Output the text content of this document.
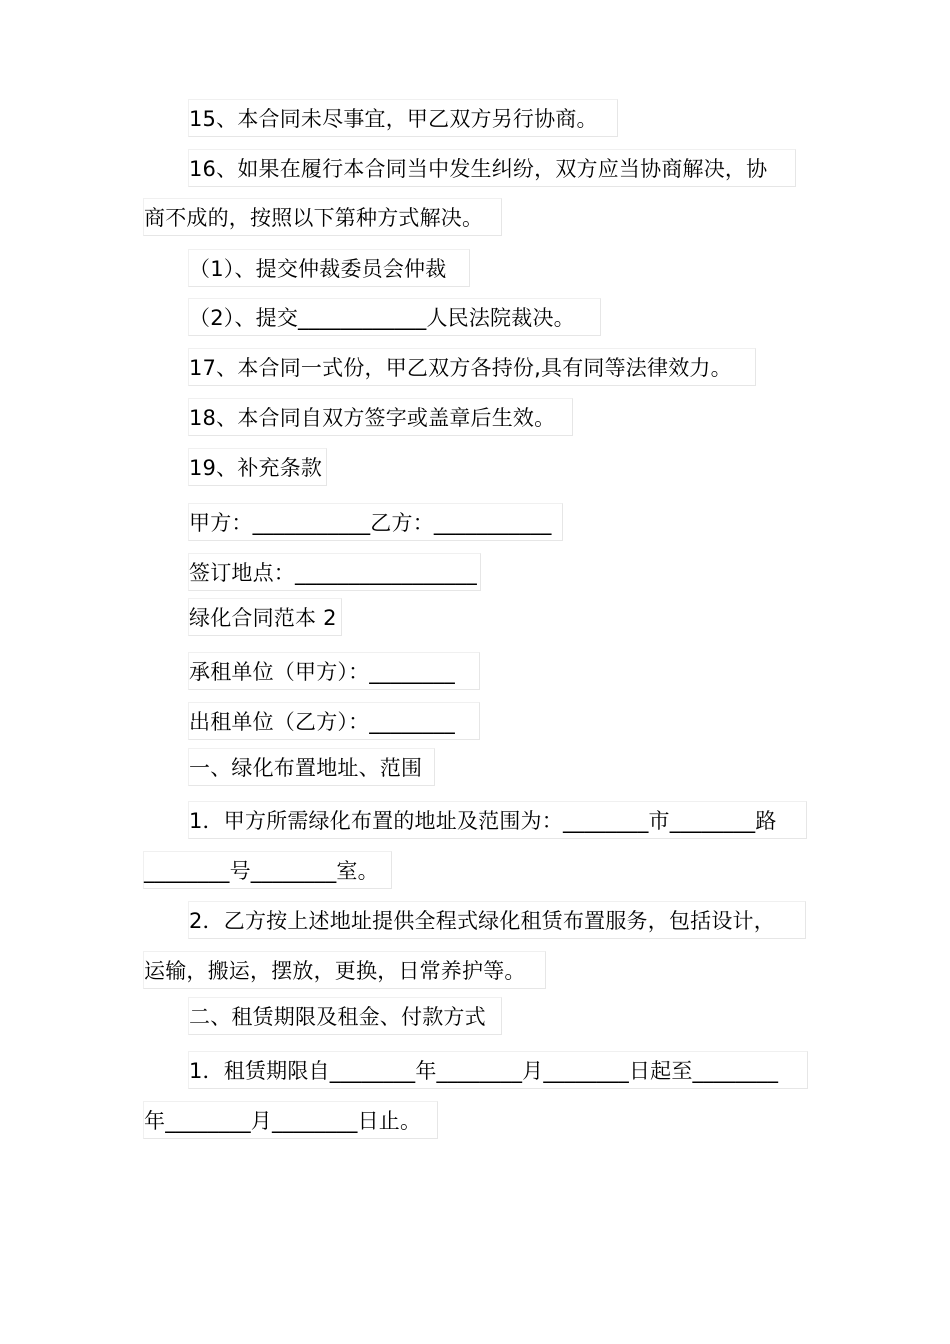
15、本合同未尽事宜，甲乙双方另行协商。
16、如果在履行本合同当中发生纠纷，双方应当协商解决，协
商不成的，按照以下第种方式解决。
（1）、提交仲裁委员会仲裁
（2）、提交____________人民法院裁决。
17、本合同一式份，甲乙双方各持份,具有同等法律效力。
18、本合同自双方签字或盖章后生效。
19、补充条款
甲方：___________乙方：___________
签订地点：_________________
绿化合同范本 2
承租单位（甲方）：________
出租单位（乙方）：________
一、绿化布置地址、范围
1．甲方所需绿化布置的地址及范围为：________市________路
________号________室。
2．乙方按上述地址提供全程式绿化租赁布置服务，包括设计，
运输，搬运，摆放，更换，日常养护等。
二、租赁期限及租金、付款方式
1．租赁期限自________年________月________日起至________
年________月________日止。
